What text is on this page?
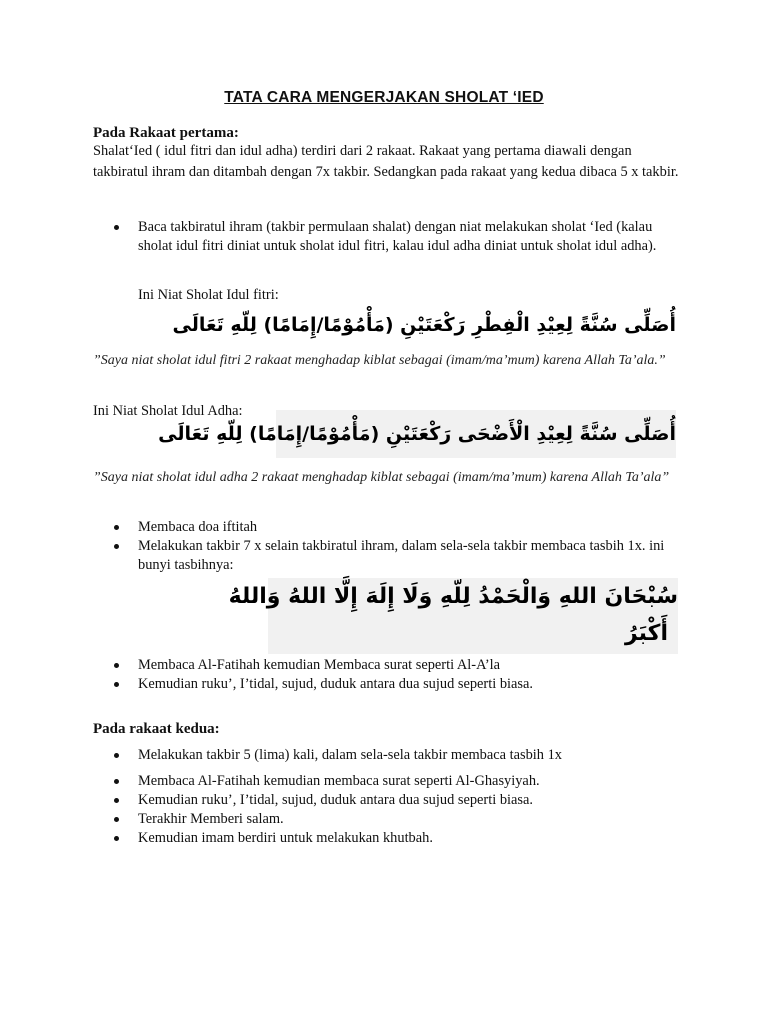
TATA CARA MENGERJAKAN SHOLAT ‘IED
Pada Rakaat pertama:
Shalat‘Ied ( idul fitri dan idul adha) terdiri dari 2 rakaat. Rakaat yang pertama diawali dengan takbiratul ihram dan ditambah dengan 7x takbir. Sedangkan pada rakaat yang kedua dibaca 5 x takbir.
Baca takbiratul ihram (takbir permulaan shalat) dengan niat melakukan sholat ‘Ied (kalau sholat idul fitri diniat untuk sholat idul fitri, kalau idul adha diniat untuk sholat idul adha).
Ini Niat Sholat Idul fitri:
أُصَلِّى سُنَّةً لِعِيْدِ الْفِطْرِ رَكْعَتَيْنِ (مَأْمُوْمًا/إِمَامًا) لِلّهِ تَعَالَى
”Saya niat sholat idul fitri 2 rakaat menghadap kiblat sebagai (imam/ma’mum) karena Allah Ta’ala.”
Ini Niat Sholat Idul Adha:
أُصَلِّى سُنَّةً لِعِيْدِ الْأَضْحَى رَكْعَتَيْنِ (مَأْمُوْمًا/إِمَامًا) لِلّهِ تَعَالَى
”Saya niat sholat idul adha 2 rakaat menghadap kiblat sebagai (imam/ma’mum) karena Allah Ta’ala”
Membaca doa iftitah
Melakukan takbir 7 x selain takbiratul ihram, dalam sela-sela takbir membaca tasbih 1x. ini bunyi tasbihnya:
سُبْحَانَ اللهِ وَالْحَمْدُ لِلّهِ وَلَا إِلَهَ إِلَّا اللهُ وَاللهُ
أَكْبَرُ
Membaca Al-Fatihah kemudian Membaca surat seperti Al-A’la
Kemudian ruku’, I’tidal, sujud, duduk antara dua sujud seperti biasa.
Pada rakaat kedua:
Melakukan takbir 5 (lima) kali, dalam sela-sela takbir membaca tasbih 1x
Membaca Al-Fatihah kemudian membaca surat seperti Al-Ghasyiyah.
Kemudian ruku’, I’tidal, sujud, duduk antara dua sujud seperti biasa.
Terakhir Memberi salam.
Kemudian imam berdiri untuk melakukan khutbah.
